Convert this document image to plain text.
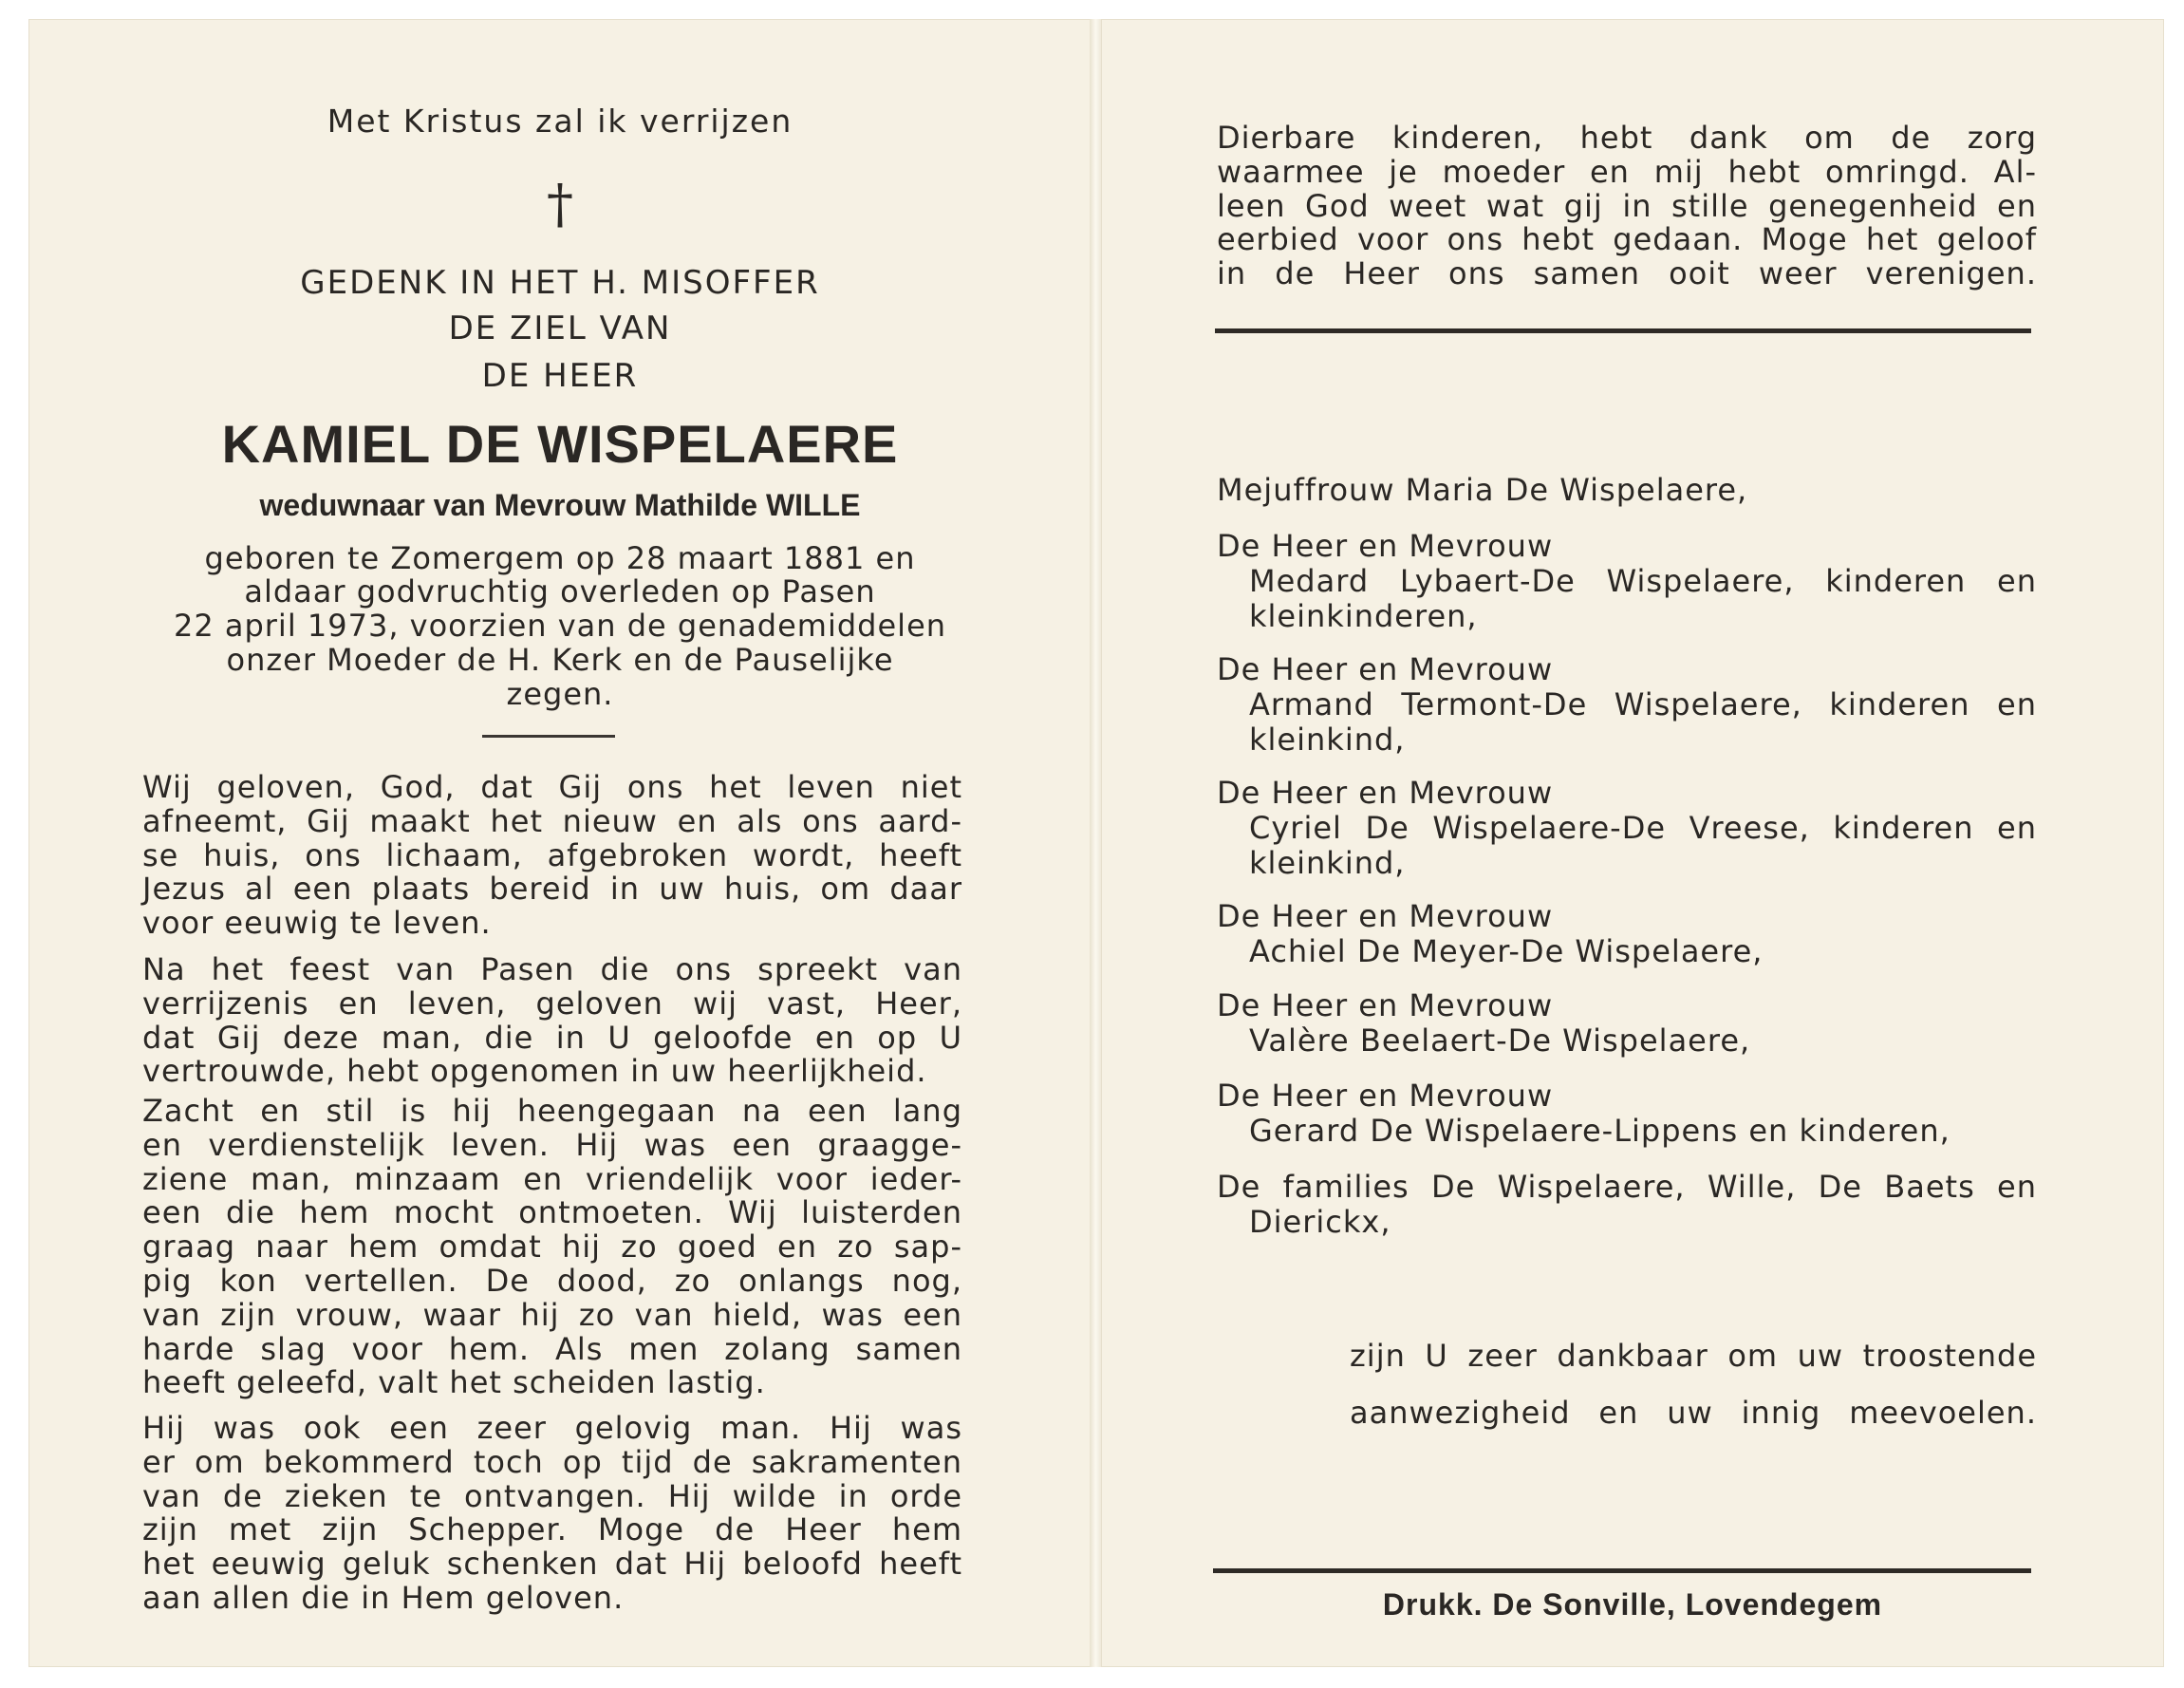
Met Kristus zal ik verrijzen
†
GEDENK IN HET H. MISOFFER
DE ZIEL VAN
DE HEER
KAMIEL DE WISPELAERE
weduwnaar van Mevrouw Mathilde WILLE
geboren te Zomergem op 28 maart 1881 en
aldaar godvruchtig overleden op Pasen
22 april 1973, voorzien van de genademiddelen
onzer Moeder de H. Kerk en de Pauselijke
zegen.
Wij geloven, God, dat Gij ons het leven niet
afneemt, Gij maakt het nieuw en als ons aard-
se huis, ons lichaam, afgebroken wordt, heeft
Jezus al een plaats bereid in uw huis, om daar
voor eeuwig te leven.
Na het feest van Pasen die ons spreekt van
verrijzenis en leven, geloven wij vast, Heer,
dat Gij deze man, die in U geloofde en op U
vertrouwde, hebt opgenomen in uw heerlijkheid.
Zacht en stil is hij heengegaan na een lang
en verdienstelijk leven. Hij was een graagge-
ziene man, minzaam en vriendelijk voor ieder-
een die hem mocht ontmoeten. Wij luisterden
graag naar hem omdat hij zo goed en zo sap-
pig kon vertellen. De dood, zo onlangs nog,
van zijn vrouw, waar hij zo van hield, was een
harde slag voor hem. Als men zolang samen
heeft geleefd, valt het scheiden lastig.
Hij was ook een zeer gelovig man. Hij was
er om bekommerd toch op tijd de sakramenten
van de zieken te ontvangen. Hij wilde in orde
zijn met zijn Schepper. Moge de Heer hem
het eeuwig geluk schenken dat Hij beloofd heeft
aan allen die in Hem geloven.
Dierbare kinderen, hebt dank om de zorg
waarmee je moeder en mij hebt omringd. Al-
leen God weet wat gij in stille genegenheid en
eerbied voor ons hebt gedaan. Moge het geloof
in de Heer ons samen ooit weer verenigen.
Mejuffrouw Maria De Wispelaere,
De Heer en Mevrouw
Medard Lybaert-De Wispelaere, kinderen en
kleinkinderen,
De Heer en Mevrouw
Armand Termont-De Wispelaere, kinderen en
kleinkind,
De Heer en Mevrouw
Cyriel De Wispelaere-De Vreese, kinderen en
kleinkind,
De Heer en Mevrouw
Achiel De Meyer-De Wispelaere,
De Heer en Mevrouw
Valère Beelaert-De Wispelaere,
De Heer en Mevrouw
Gerard De Wispelaere-Lippens en kinderen,
De families De Wispelaere, Wille, De Baets en
Dierickx,
zijn U zeer dankbaar om uw troostende
aanwezigheid en uw innig meevoelen.
Drukk. De Sonville, Lovendegem
